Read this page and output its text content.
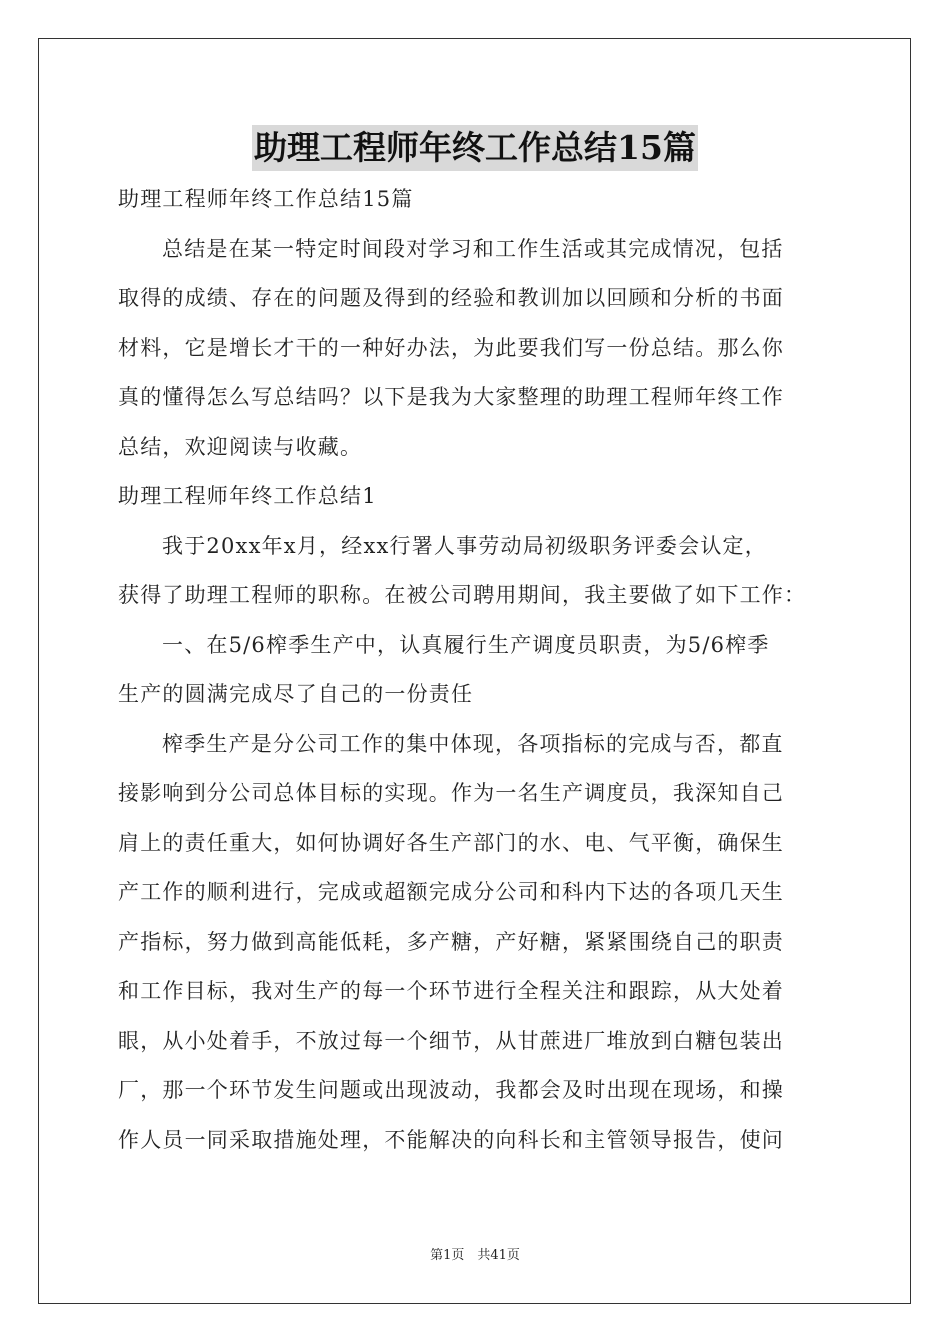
助理工程师年终工作总结15篇
助理工程师年终工作总结15篇
总结是在某一特定时间段对学习和工作生活或其完成情况，包括
取得的成绩、存在的问题及得到的经验和教训加以回顾和分析的书面
材料，它是增长才干的一种好办法，为此要我们写一份总结。那么你
真的懂得怎么写总结吗？以下是我为大家整理的助理工程师年终工作
总结，欢迎阅读与收藏。
助理工程师年终工作总结1
我于20xx年x月，经xx行署人事劳动局初级职务评委会认定，
获得了助理工程师的职称。在被公司聘用期间，我主要做了如下工作：
一、在5/6榨季生产中，认真履行生产调度员职责，为5/6榨季
生产的圆满完成尽了自己的一份责任
榨季生产是分公司工作的集中体现，各项指标的完成与否，都直
接影响到分公司总体目标的实现。作为一名生产调度员，我深知自己
肩上的责任重大，如何协调好各生产部门的水、电、气平衡，确保生
产工作的顺利进行，完成或超额完成分公司和科内下达的各项几天生
产指标，努力做到高能低耗，多产糖，产好糖，紧紧围绕自己的职责
和工作目标，我对生产的每一个环节进行全程关注和跟踪，从大处着
眼，从小处着手，不放过每一个细节，从甘蔗进厂堆放到白糖包装出
厂，那一个环节发生问题或出现波动，我都会及时出现在现场，和操
作人员一同采取措施处理，不能解决的向科长和主管领导报告，使问
第1页　共41页
